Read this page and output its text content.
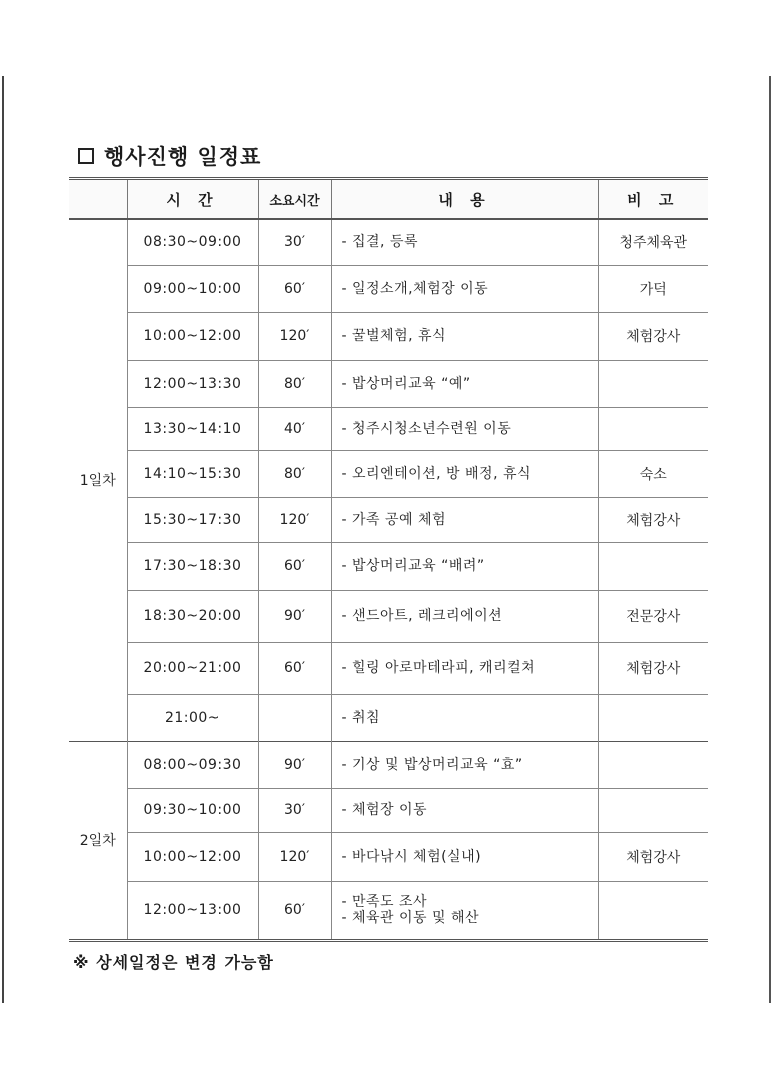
행사진행 일정표
	시 간	소요시간	내 용	비 고
1일차	08:30~09:00	30′	- 집결, 등록	청주체육관
	09:00~10:00	60′	- 일정소개,체험장 이동	가덕
	10:00~12:00	120′	- 꿀벌체험, 휴식	체험강사
	12:00~13:30	80′	- 밥상머리교육 “예”	

	13:30~14:10	40′	- 청주시청소년수련원 이동	

	14:10~15:30	80′	- 오리엔테이션, 방 배정, 휴식	숙소
	15:30~17:30	120′	- 가족 공예 체험	체험강사
	17:30~18:30	60′	- 밥상머리교육 “배려”	

	18:30~20:00	90′	- 샌드아트, 레크리에이션	전문강사
	20:00~21:00	60′	- 힐링 아로마테라피, 캐리컬쳐	체험강사
	21:00~		- 취침	

2일차	08:00~09:30	90′	- 기상 및 밥상머리교육 “효”	

	09:30~10:00	30′	- 체험장 이동	

	10:00~12:00	120′	- 바다낚시 체험(실내)	체험강사
	12:00~13:00	60′	- 만족도 조사
- 체육관 이동 및 해산	

※ 상세일정은 변경 가능함
